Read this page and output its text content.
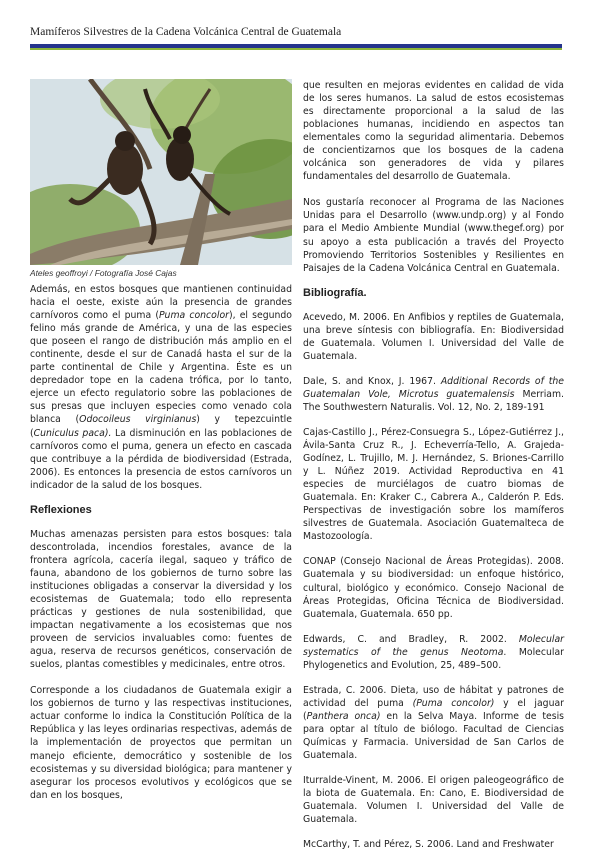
Mamíferos Silvestres de la Cadena Volcánica Central de Guatemala
Ateles geoffroyi / Fotografía José Cajas

Además, en estos bosques que mantienen continuidad hacia el oeste, existe aún la presencia de grandes carnívoros como el puma (Puma concolor), el segundo felino más grande de América, y una de las especies que poseen el rango de distribución más amplio en el continente, desde el sur de Canadá hasta el sur de la parte continental de Chile y Argentina. Éste es un depredador tope en la cadena trófica, por lo tanto, ejerce un efecto regulatorio sobre las poblaciones de sus presas que incluyen especies como venado cola blanca (Odocoileus virginianus) y tepezcuintle (Cuniculus paca). La disminución en las poblaciones de carnívoros como el puma, genera un efecto en cascada que contribuye a la pérdida de biodiversidad (Estrada, 2006). Es entonces la presencia de estos carnívoros un indicador de la salud de los bosques.

Reflexiones

Muchas amenazas persisten para estos bosques: tala descontrolada, incendios forestales, avance de la frontera agrícola, cacería ilegal, saqueo y tráfico de fauna, abandono de los gobiernos de turno sobre las instituciones obligadas a conservar la diversidad y los ecosistemas de Guatemala; todo ello representa prácticas y gestiones de nula sostenibilidad, que impactan negativamente a los ecosistemas que nos proveen de servicios invaluables como: fuentes de agua, reserva de recursos genéticos, conservación de suelos, plantas comestibles y medicinales, entre otros.

Corresponde a los ciudadanos de Guatemala exigir a los gobiernos de turno y las respectivas instituciones, actuar conforme lo indica la Constitución Política de la República y las leyes ordinarias respectivas, además de la implementación de proyectos que permitan un manejo eficiente, democrático y sostenible de los ecosistemas y su diversidad biológica; para mantener y asegurar los procesos evolutivos y ecológicos que se dan en los bosques,

que resulten en mejoras evidentes en calidad de vida de los seres humanos. La salud de estos ecosistemas es directamente proporcional a la salud de las poblaciones humanas, incidiendo en aspectos tan elementales como la seguridad alimentaria. Debemos de concientizarnos que los bosques de la cadena volcánica son generadores de vida y pilares fundamentales del desarrollo de Guatemala.

Nos gustaría reconocer al Programa de las Naciones Unidas para el Desarrollo (www.undp.org) y al Fondo para el Medio Ambiente Mundial (www.thegef.org) por su apoyo a esta publicación a través del Proyecto Promoviendo Territorios Sostenibles y Resilientes en Paisajes de la Cadena Volcánica Central en Guatemala.

Bibliografía.

Acevedo, M. 2006. En Anfibios y reptiles de Guatemala, una breve síntesis con bibliografía. En: Biodiversidad de Guatemala. Volumen I. Universidad del Valle de Guatemala.

Dale, S. and Knox, J. 1967. Additional Records of the Guatemalan Vole, Microtus guatemalensis Merriam. The Southwestern Naturalis. Vol. 12, No. 2, 189-191

Cajas-Castillo J., Pérez-Consuegra S., López-Gutiérrez J., Ávila-Santa Cruz R., J. Echeverría-Tello, A. Grajeda-Godínez, L. Trujillo, M. J. Hernández, S. Briones-Carrillo y L. Núñez 2019. Actividad Reproductiva en 41 especies de murciélagos de cuatro biomas de Guatemala. En: Kraker C., Cabrera A., Calderón P. Eds. Perspectivas de investigación sobre los mamíferos silvestres de Guatemala. Asociación Guatemalteca de Mastozoología.

CONAP (Consejo Nacional de Áreas Protegidas). 2008. Guatemala y su biodiversidad: un enfoque histórico, cultural, biológico y económico. Consejo Nacional de Áreas Protegidas, Oficina Técnica de Biodiversidad. Guatemala, Guatemala. 650 pp.

Edwards, C. and Bradley, R. 2002. Molecular systematics of the genus Neotoma. Molecular Phylogenetics and Evolution, 25, 489–500.

Estrada, C. 2006. Dieta, uso de hábitat y patrones de actividad del puma (Puma concolor) y el jaguar (Panthera onca) en la Selva Maya. Informe de tesis para optar al título de biólogo. Facultad de Ciencias Químicas y Farmacia. Universidad de San Carlos de Guatemala.

Iturralde-Vinent, M. 2006. El origen paleogeográfico de la biota de Guatemala. En: Cano, E. Biodiversidad de Guatemala. Volumen I. Universidad del Valle de Guatemala.

McCarthy, T. and Pérez, S. 2006. Land and Freshwater
